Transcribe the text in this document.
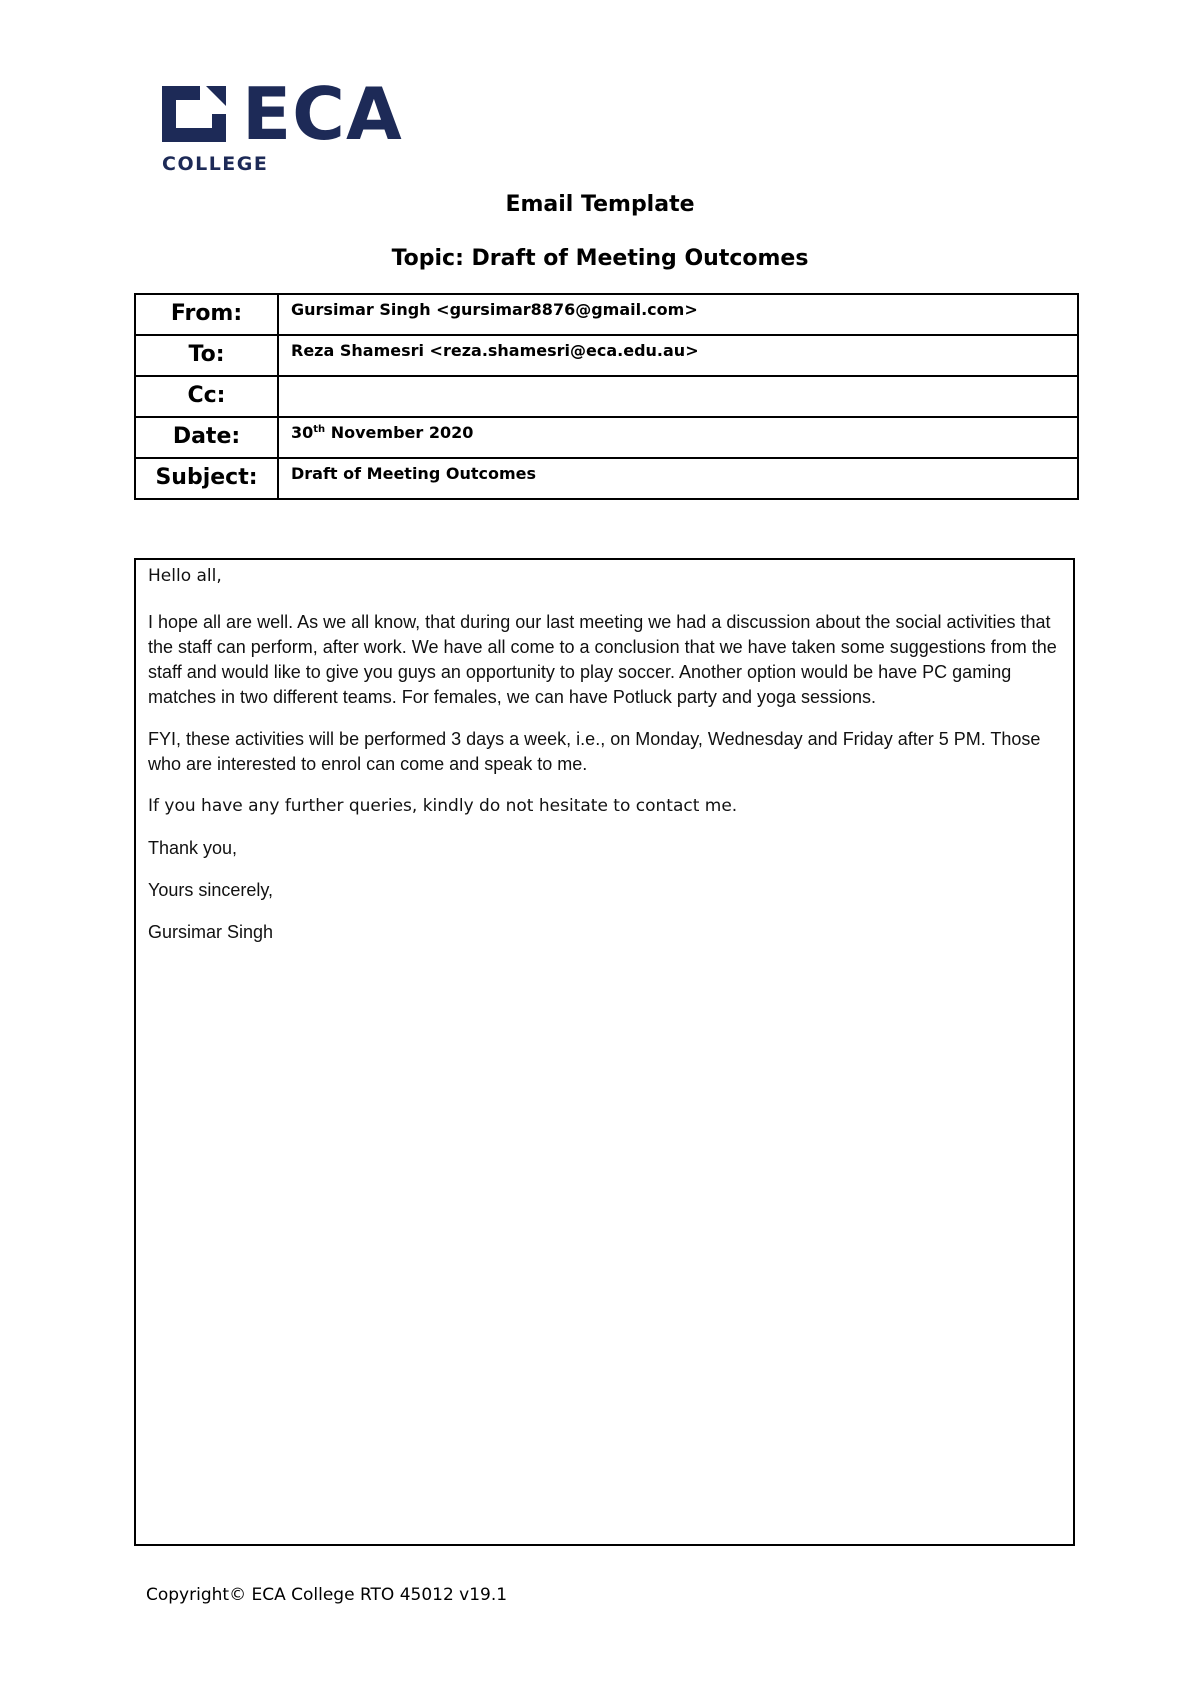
ECA
COLLEGE
Email Template
Topic: Draft of Meeting Outcomes
From:	Gursimar Singh <gursimar8876@gmail.com>
To:	Reza Shamesri <reza.shamesri@eca.edu.au>
Cc:	
Date:	30th November 2020
Subject:	Draft of Meeting Outcomes

Hello all,

I hope all are well. As we all know, that during our last meeting we had a discussion about the social activities that the staff can perform, after work. We have all come to a conclusion that we have taken some suggestions from the staff and would like to give you guys an opportunity to play soccer. Another option would be have PC gaming matches in two different teams. For females, we can have Potluck party and yoga sessions.

FYI, these activities will be performed 3 days a week, i.e., on Monday, Wednesday and Friday after 5 PM. Those who are interested to enrol can come and speak to me.

If you have any further queries, kindly do not hesitate to contact me.

Thank you,

Yours sincerely,

Gursimar Singh

Copyright© ECA College RTO 45012 v19.1
